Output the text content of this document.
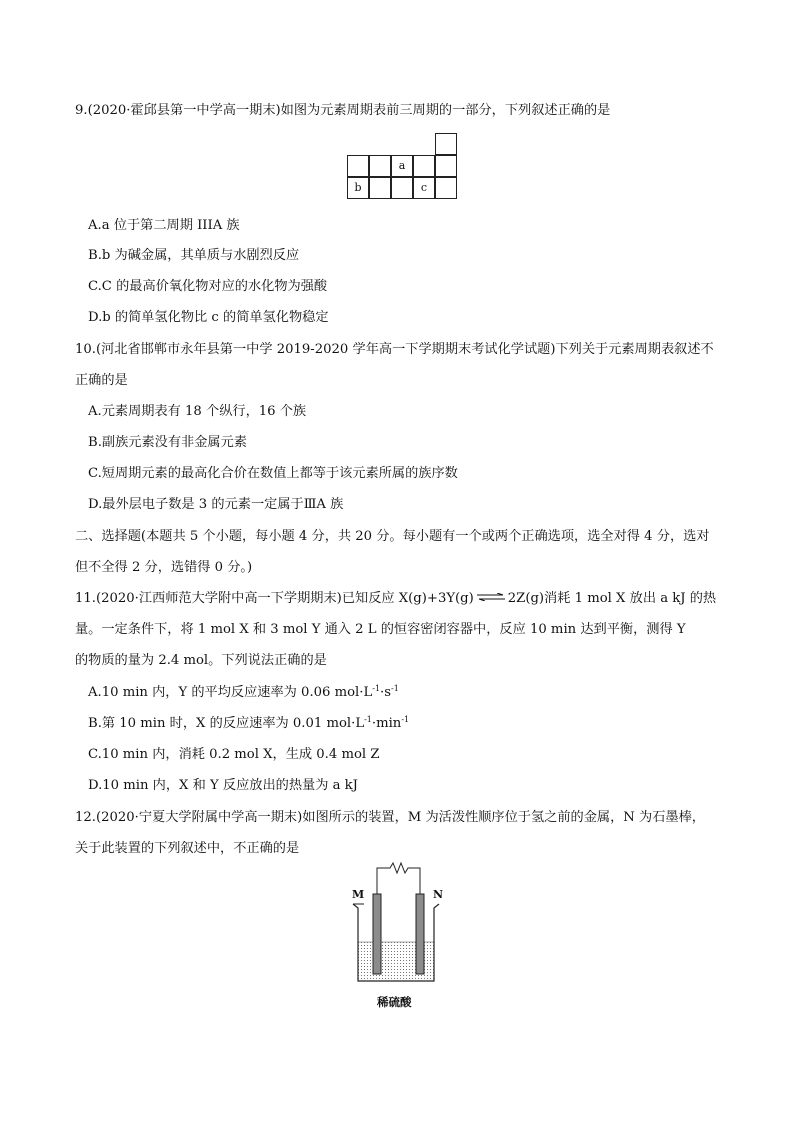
9.(2020·霍邱县第一中学高一期末)如图为元素周期表前三周期的一部分，下列叙述正确的是
a
b	c
A.a 位于第二周期 IIIA 族
B.b 为碱金属，其单质与水剧烈反应
C.C 的最高价氧化物对应的水化物为强酸
D.b 的简单氢化物比 c 的简单氢化物稳定
10.(河北省邯郸市永年县第一中学 2019-2020 学年高一下学期期末考试化学试题)下列关于元素周期表叙述不
正确的是
A.元素周期表有 18 个纵行，16 个族
B.副族元素没有非金属元素
C.短周期元素的最高化合价在数值上都等于该元素所属的族序数
D.最外层电子数是 3 的元素一定属于ⅢA 族
二、选择题(本题共 5 个小题，每小题 4 分，共 20 分。每小题有一个或两个正确选项，选全对得 4 分，选对
但不全得 2 分，选错得 0 分。)
11.(2020·江西师范大学附中高一下学期期末)已知反应 X(g)+3Y(g) ⇌ 2Z(g)消耗 1 mol X 放出 a kJ 的热
量。一定条件下，将 1 mol X 和 3 mol Y 通入 2 L 的恒容密闭容器中，反应 10 min 达到平衡，测得 Y
的物质的量为 2.4 mol。下列说法正确的是
A.10 min 内，Y 的平均反应速率为 0.06 $mol\cdot L^{-1}\cdot s^{-1}$
B.第 10 min 时，X 的反应速率为 0.01 $mol\cdot L^{-1}\cdot\min^{-1}$
C.10 min 内，消耗 0.2 mol X，生成 0.4 mol Z
D.10 min 内，X 和 Y 反应放出的热量为 a kJ
12.(2020·宁夏大学附属中学高一期末)如图所示的装置，M 为活泼性顺序位于氢之前的金属，N 为石墨棒，
关于此装置的下列叙述中，不正确的是
M	N
稀硫酸
